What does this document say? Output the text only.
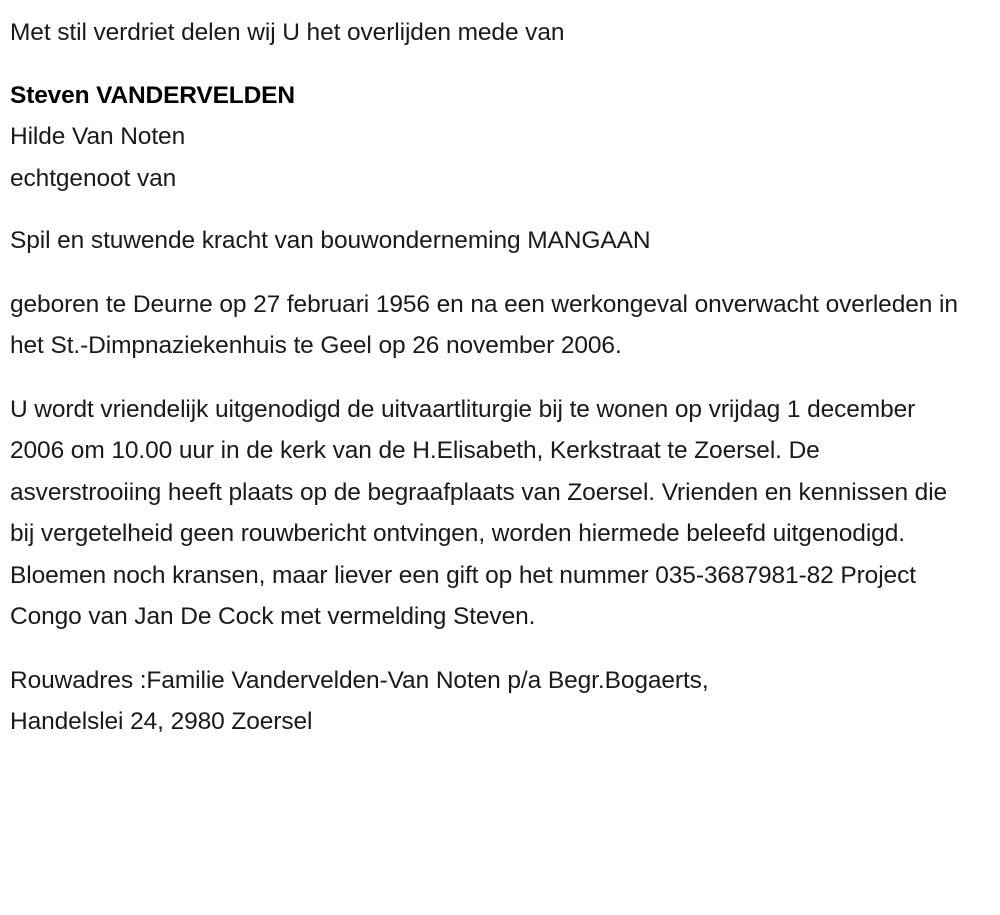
Met stil verdriet delen wij U het overlijden mede van
Steven VANDERVELDEN
Hilde Van Noten
echtgenoot van
Spil en stuwende kracht van bouwonderneming MANGAAN
geboren te Deurne op 27 februari 1956 en na een werkongeval onverwacht overleden in het St.-Dimpnaziekenhuis te Geel op 26 november 2006.
U wordt vriendelijk uitgenodigd de uitvaartliturgie bij te wonen op vrijdag 1 december 2006 om 10.00 uur in de kerk van de H.Elisabeth, Kerkstraat te Zoersel. De asverstrooiing heeft plaats op de begraafplaats van Zoersel. Vrienden en kennissen die bij vergetelheid geen rouwbericht ontvingen, worden hiermede beleefd uitgenodigd. Bloemen noch kransen, maar liever een gift op het nummer 035-3687981-82 Project Congo van Jan De Cock met vermelding Steven.
Rouwadres :Familie Vandervelden-Van Noten p/a Begr.Bogaerts,
Handelslei 24, 2980 Zoersel
